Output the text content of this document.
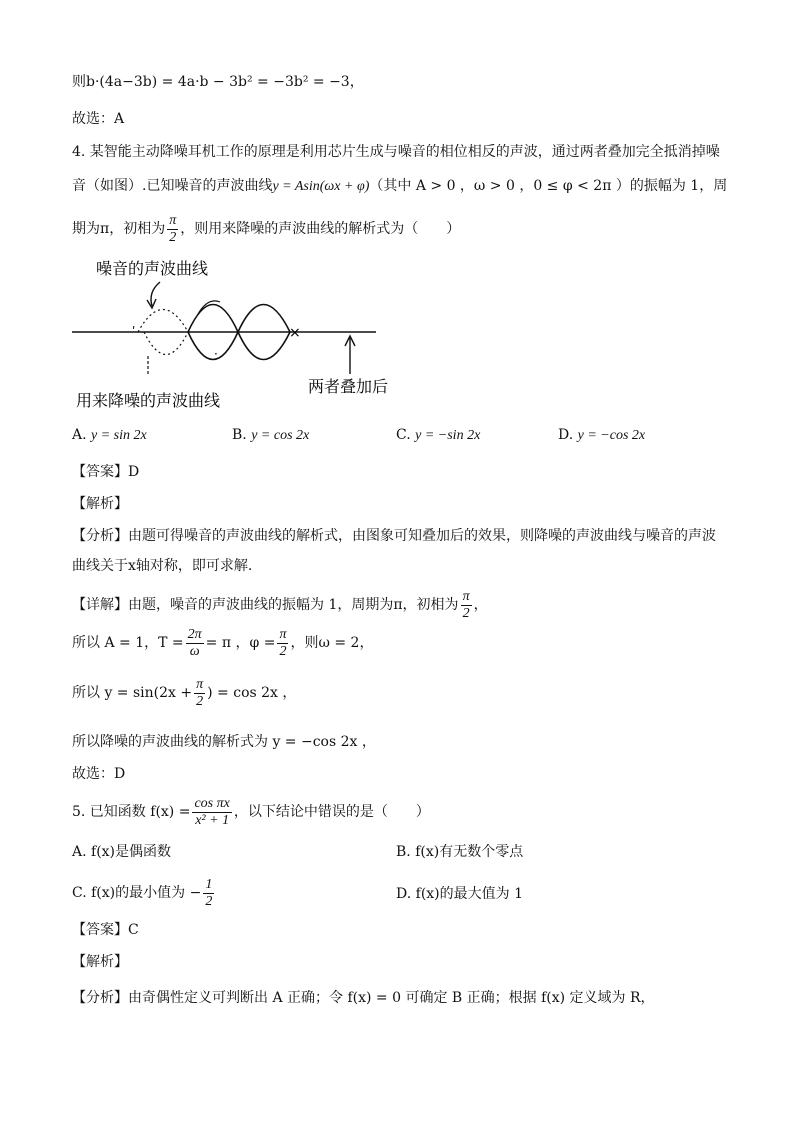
则b·(4a−3b) = 4a·b − 3b² = −3b² = −3，
故选：A
4. 某智能主动降噪耳机工作的原理是利用芯片生成与噪音的相位相反的声波，通过两者叠加完全抵消掉噪
音（如图）.已知噪音的声波曲线y = Asin(ωx + φ)（其中 A > 0 ，ω > 0 ，0 ≤ φ < 2π ）的振幅为 1，周
期为π，初相为 $\frac{\pi}{2}$ ，则用来降噪的声波曲线的解析式为（　　）
噪音的声波曲线
ʹ
·
×
两者叠加后
用来降噪的声波曲线
A. y = sin 2x	B. y = cos 2x	C. y = −sin 2x	D. y = −cos 2x
【答案】D
【解析】
【分析】由题可得噪音的声波曲线的解析式，由图象可知叠加后的效果，则降噪的声波曲线与噪音的声波
曲线关于x轴对称，即可求解.
【详解】由题，噪音的声波曲线的振幅为 1，周期为π，初相为 $\frac{\pi}{2}$ ，
所以 A = 1，$T = \frac{2\pi}{\omega} = \pi$ ，$\varphi = \frac{\pi}{2}$ ，则ω = 2，
所以 $y = \sin(2x + \frac{\pi}{2}$ ) = cos 2x ，
所以降噪的声波曲线的解析式为 y = −cos 2x ，
故选：D
5. 已知函数 $f(x) = \frac{\text{cos πx}}{\text{x² + 1}}$ ，以下结论中错误的是（　　）
A. f(x)是偶函数	B. f(x)有无数个零点
C. f(x)的最小值为 − $\frac{1}{2}$	D. f(x)的最大值为 1
【答案】C
【解析】
【分析】由奇偶性定义可判断出 A 正确；令 f(x) = 0 可确定 B 正确；根据 f(x) 定义域为 R，
